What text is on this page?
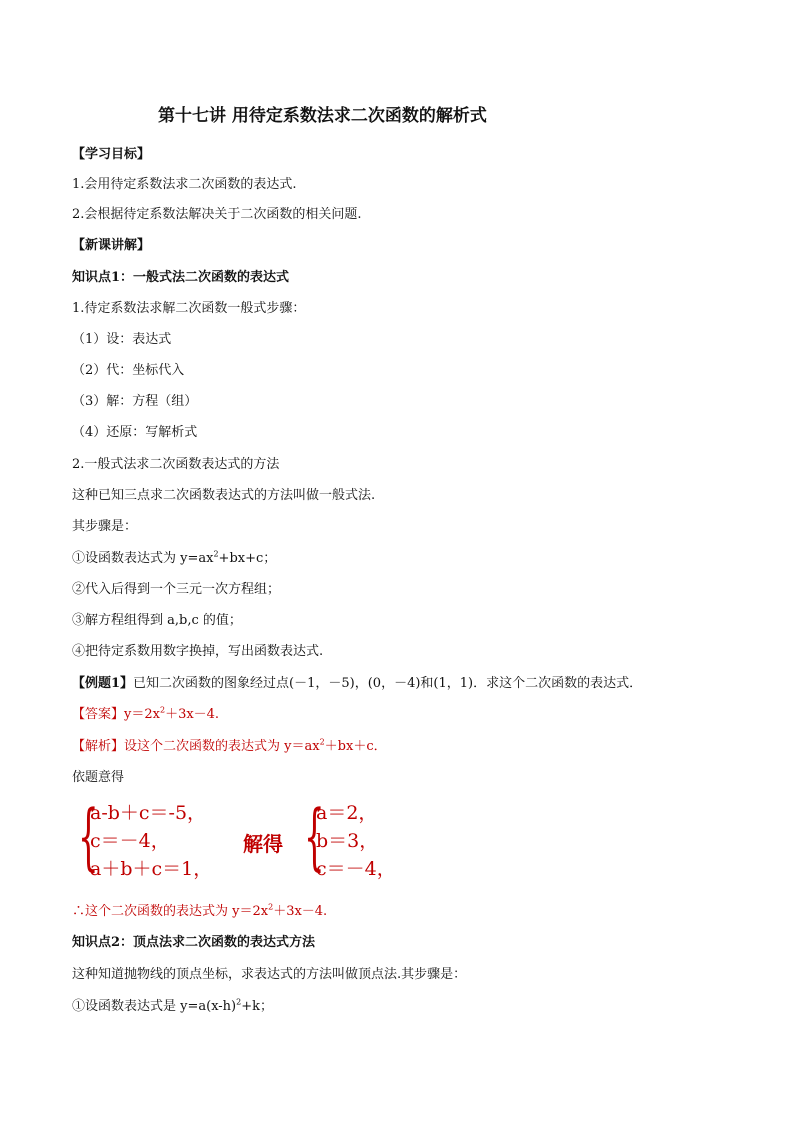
第十七讲 用待定系数法求二次函数的解析式
【学习目标】
1.会用待定系数法求二次函数的表达式.
2.会根据待定系数法解决关于二次函数的相关问题.
【新课讲解】
知识点1：一般式法二次函数的表达式
1.待定系数法求解二次函数一般式步骤：
（1）设：表达式
（2）代：坐标代入
（3）解：方程（组）
（4）还原：写解析式
2.一般式法求二次函数表达式的方法
这种已知三点求二次函数表达式的方法叫做一般式法.
其步骤是：
①设函数表达式为 $y=ax^2+bx+c$；
②代入后得到一个三元一次方程组；
③解方程组得到 a,b,c 的值；
④把待定系数用数字换掉，写出函数表达式.
【例题1】已知二次函数的图象经过点(－1，－5)，(0，－4)和(1，1)．求这个二次函数的表达式．
【答案】$y=2x^2+3x-4$.
【解析】设这个二次函数的表达式为 $y=ax^2+bx+c$．
依题意得
{
a-b＋c＝-5，
c＝－4，
a＋b＋c＝1，
解得 {
a＝2，
b＝3，
c＝－4，
∴这个二次函数的表达式为 $y=2x^2+3x-4$.
知识点2：顶点法求二次函数的表达式方法
这种知道抛物线的顶点坐标，求表达式的方法叫做顶点法.其步骤是：
①设函数表达式是 $y=a(x-h)^2+k$；
